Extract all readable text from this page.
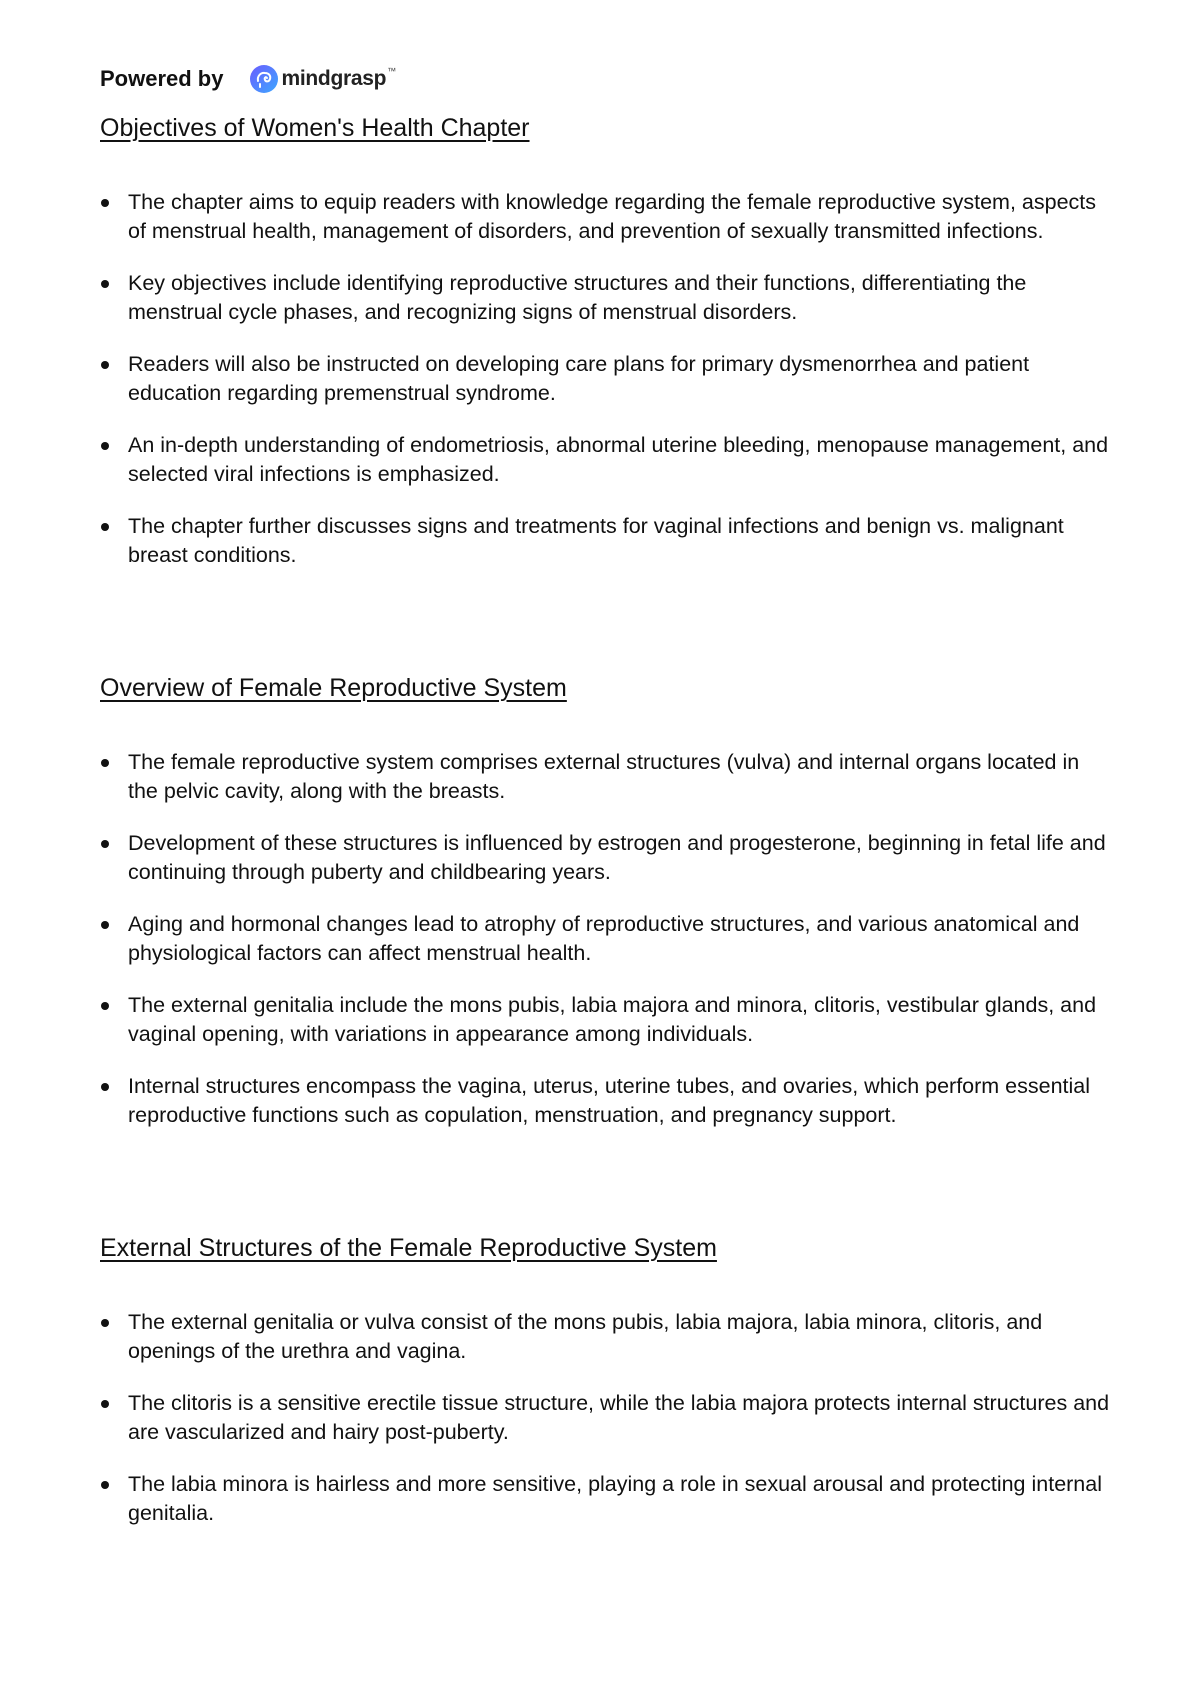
Powered by	mindgrasp ™
Objectives of Women's Health Chapter
The chapter aims to equip readers with knowledge regarding the female reproductive system, aspects of menstrual health, management of disorders, and prevention of sexually transmitted infections.
Key objectives include identifying reproductive structures and their functions, differentiating the menstrual cycle phases, and recognizing signs of menstrual disorders.
Readers will also be instructed on developing care plans for primary dysmenorrhea and patient education regarding premenstrual syndrome.
An in-depth understanding of endometriosis, abnormal uterine bleeding, menopause management, and selected viral infections is emphasized.
The chapter further discusses signs and treatments for vaginal infections and benign vs. malignant breast conditions.
Overview of Female Reproductive System
The female reproductive system comprises external structures (vulva) and internal organs located in the pelvic cavity, along with the breasts.
Development of these structures is influenced by estrogen and progesterone, beginning in fetal life and continuing through puberty and childbearing years.
Aging and hormonal changes lead to atrophy of reproductive structures, and various anatomical and physiological factors can affect menstrual health.
The external genitalia include the mons pubis, labia majora and minora, clitoris, vestibular glands, and vaginal opening, with variations in appearance among individuals.
Internal structures encompass the vagina, uterus, uterine tubes, and ovaries, which perform essential reproductive functions such as copulation, menstruation, and pregnancy support.
External Structures of the Female Reproductive System
The external genitalia or vulva consist of the mons pubis, labia majora, labia minora, clitoris, and openings of the urethra and vagina.
The clitoris is a sensitive erectile tissue structure, while the labia majora protects internal structures and are vascularized and hairy post-puberty.
The labia minora is hairless and more sensitive, playing a role in sexual arousal and protecting internal genitalia.
